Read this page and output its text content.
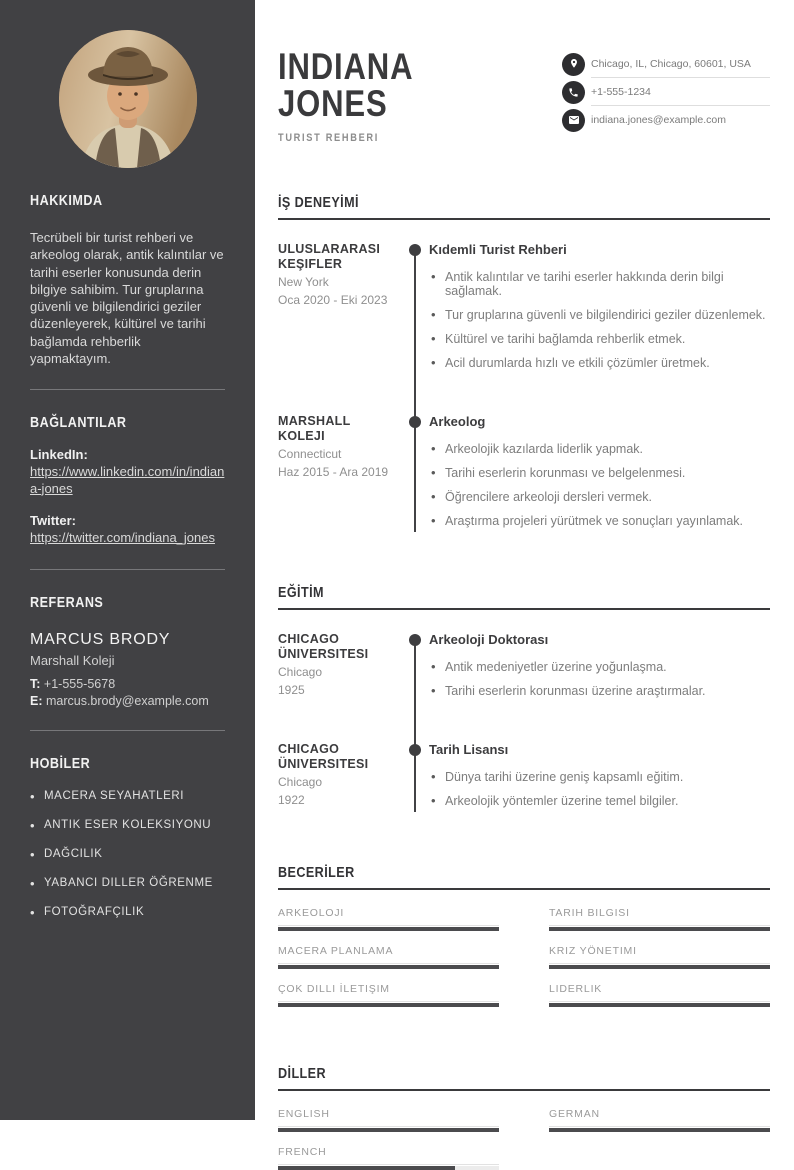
HAKKIMDA

Tecrübeli bir turist rehberi ve arkeolog olarak, antik kalıntılar ve tarihi eserler konusunda derin bilgiye sahibim. Tur gruplarına güvenli ve bilgilendirici geziler düzenleyerek, kültürel ve tarihi bağlamda rehberlik yapmaktayım.

BAĞLANTILAR
LinkedIn:
https://www.linkedin.com/in/indiana-jones
Twitter:
https://twitter.com/indiana_jones
REFERANS
MARCUS BRODY
Marshall Koleji
T: +1-555-5678
E: marcus.brody@example.com
HOBİLER
• MACERA SEYAHATLERI
• ANTIK ESER KOLEKSIYONU
• DAĞCILIK
• YABANCI DILLER ÖĞRENME
• FOTOĞRAFÇILIK
INDIANA
JONES
TURIST REHBERI
Chicago, IL, Chicago, 60601, USA
+1-555-1234
indiana.jones@example.com
İŞ DENEYİMİ
ULUSLARARASI KEŞIFLER
New York
Oca 2020 - Eki 2023
Kıdemli Turist Rehberi
• Antik kalıntılar ve tarihi eserler hakkında derin bilgi sağlamak.
• Tur gruplarına güvenli ve bilgilendirici geziler düzenlemek.
• Kültürel ve tarihi bağlamda rehberlik etmek.
• Acil durumlarda hızlı ve etkili çözümler üretmek.
MARSHALL KOLEJI
Connecticut
Haz 2015 - Ara 2019
Arkeolog
• Arkeolojik kazılarda liderlik yapmak.
• Tarihi eserlerin korunması ve belgelenmesi.
• Öğrencilere arkeoloji dersleri vermek.
• Araştırma projeleri yürütmek ve sonuçları yayınlamak.
EĞİTİM
CHICAGO ÜNIVERSITESI
Chicago
1925
Arkeoloji Doktorası
• Antik medeniyetler üzerine yoğunlaşma.
• Tarihi eserlerin korunması üzerine araştırmalar.
CHICAGO ÜNIVERSITESI
Chicago
1922
Tarih Lisansı
• Dünya tarihi üzerine geniş kapsamlı eğitim.
• Arkeolojik yöntemler üzerine temel bilgiler.
BECERİLER
ARKEOLOJI	TARIH BILGISI
MACERA PLANLAMA	KRIZ YÖNETIMI
ÇOK DILLI İLETIŞIM	LIDERLIK
DİLLER
ENGLISH	GERMAN
FRENCH
